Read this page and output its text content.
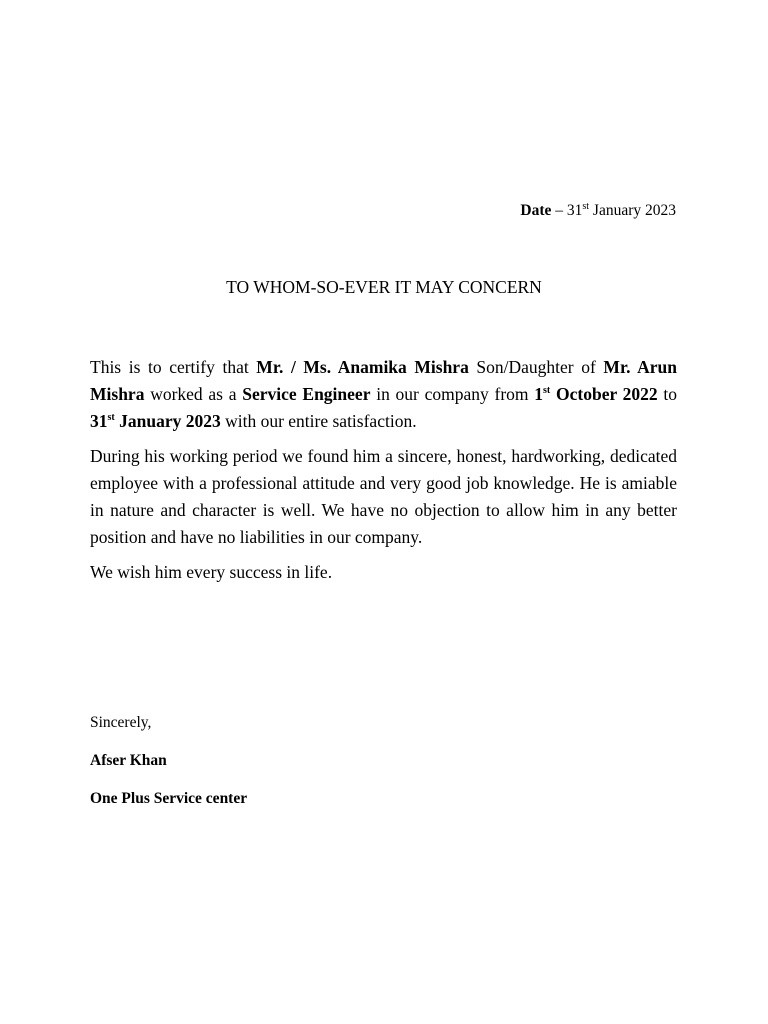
Date – 31st January 2023
TO WHOM-SO-EVER IT MAY CONCERN

This is to certify that Mr. / Ms. Anamika Mishra Son/Daughter of Mr. Arun Mishra worked as a Service Engineer in our company from 1st October 2022 to 31st January 2023 with our entire satisfaction.

During his working period we found him a sincere, honest, hardworking, dedicated employee with a professional attitude and very good job knowledge. He is amiable in nature and character is well. We have no objection to allow him in any better position and have no liabilities in our company.

We wish him every success in life.

Sincerely,
Afser Khan
One Plus Service center
